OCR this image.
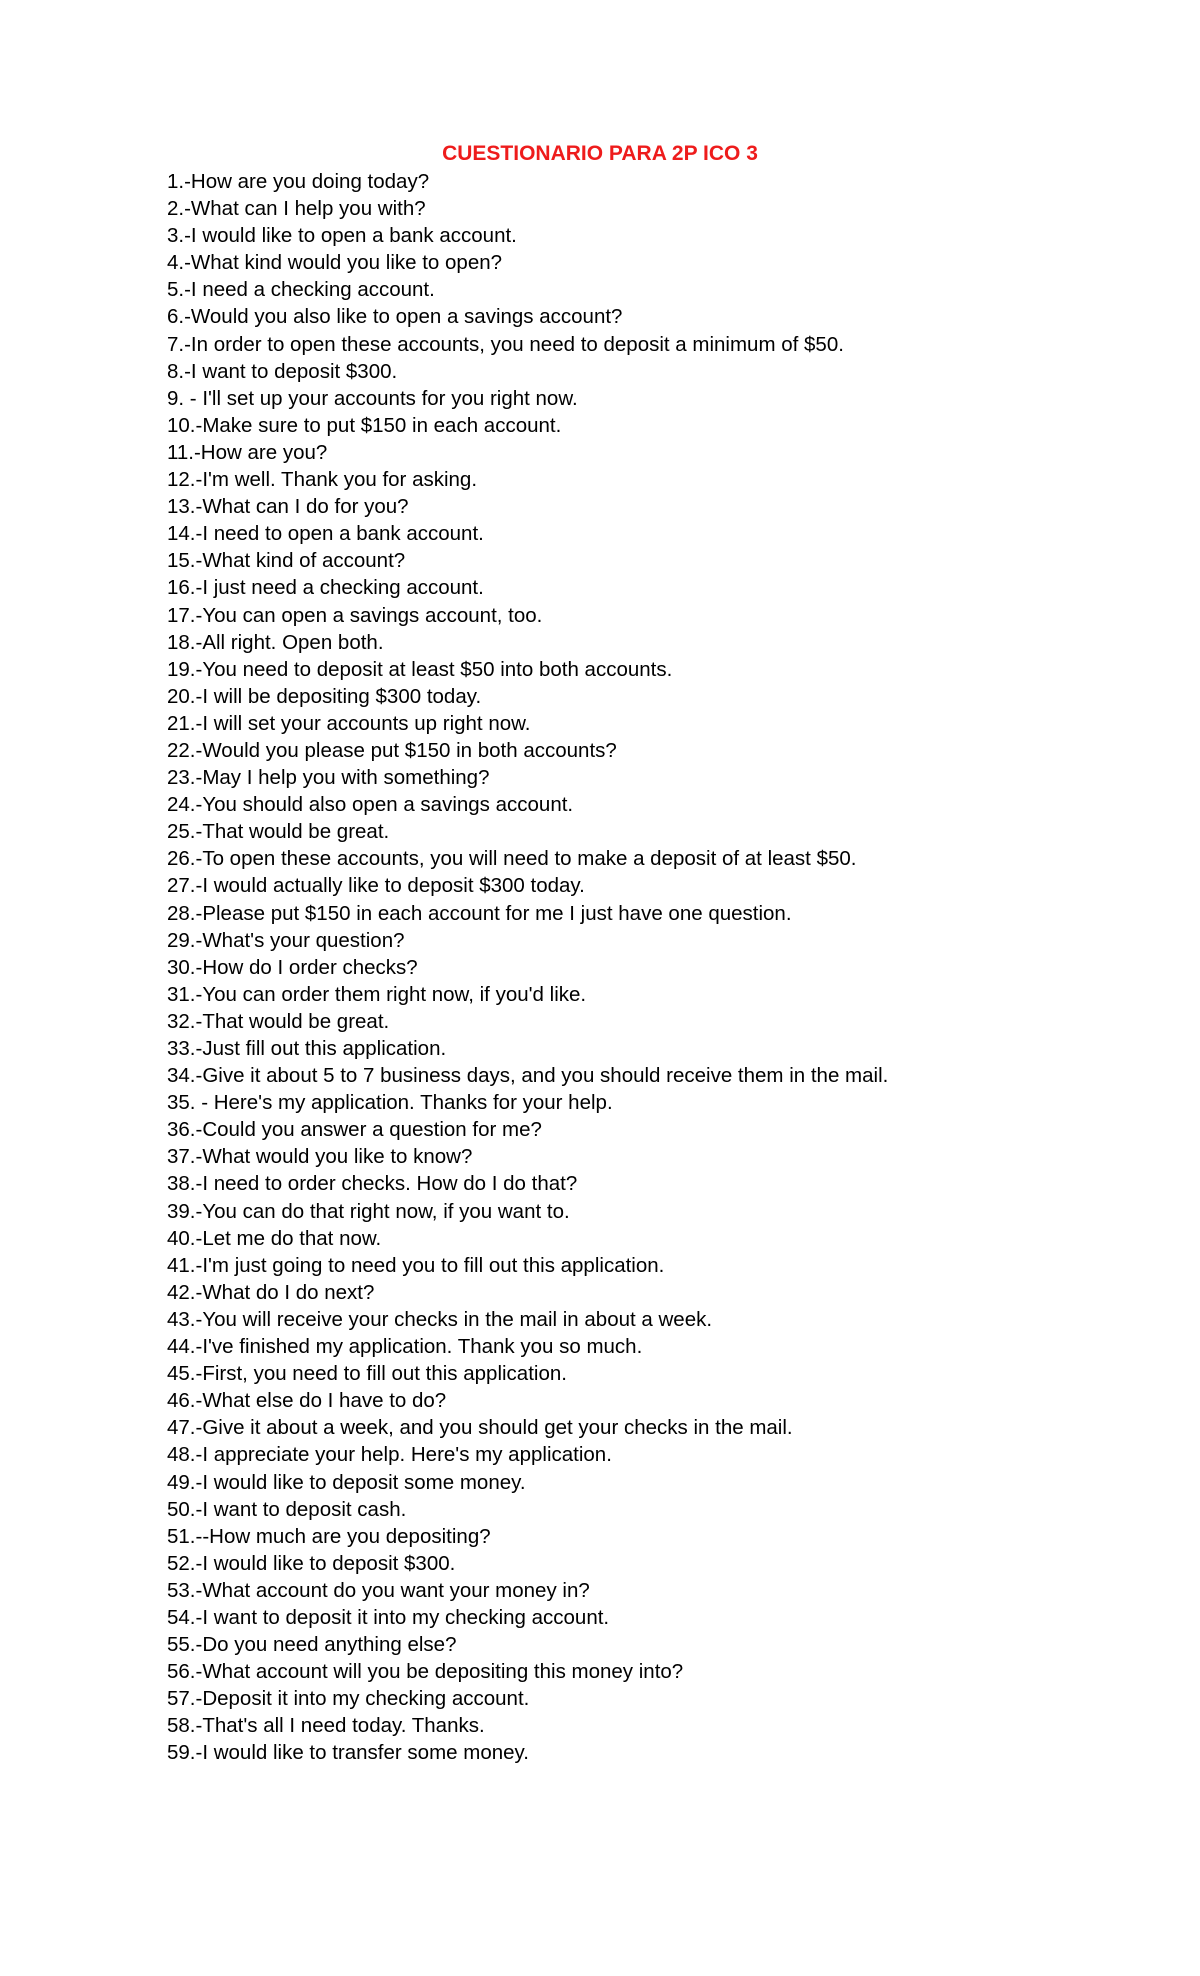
CUESTIONARIO PARA 2P ICO 3
1.-How are you doing today?
2.-What can I help you with?
3.-I would like to open a bank account.
4.-What kind would you like to open?
5.-I need a checking account.
6.-Would you also like to open a savings account?
7.-In order to open these accounts, you need to deposit a minimum of $50.
8.-I want to deposit $300.
9. - I'll set up your accounts for you right now.
10.-Make sure to put $150 in each account.
11.-How are you?
12.-I'm well. Thank you for asking.
13.-What can I do for you?
14.-I need to open a bank account.
15.-What kind of account?
16.-I just need a checking account.
17.-You can open a savings account, too.
18.-All right. Open both.
19.-You need to deposit at least $50 into both accounts.
20.-I will be depositing $300 today.
21.-I will set your accounts up right now.
22.-Would you please put $150 in both accounts?
23.-May I help you with something?
24.-You should also open a savings account.
25.-That would be great.
26.-To open these accounts, you will need to make a deposit of at least $50.
27.-I would actually like to deposit $300 today.
28.-Please put $150 in each account for me I just have one question.
29.-What's your question?
30.-How do I order checks?
31.-You can order them right now, if you'd like.
32.-That would be great.
33.-Just fill out this application.
34.-Give it about 5 to 7 business days, and you should receive them in the mail.
35. - Here's my application. Thanks for your help.
36.-Could you answer a question for me?
37.-What would you like to know?
38.-I need to order checks. How do I do that?
39.-You can do that right now, if you want to.
40.-Let me do that now.
41.-I'm just going to need you to fill out this application.
42.-What do I do next?
43.-You will receive your checks in the mail in about a week.
44.-I've finished my application. Thank you so much.
45.-First, you need to fill out this application.
46.-What else do I have to do?
47.-Give it about a week, and you should get your checks in the mail.
48.-I appreciate your help. Here's my application.
49.-I would like to deposit some money.
50.-I want to deposit cash.
51.--How much are you depositing?
52.-I would like to deposit $300.
53.-What account do you want your money in?
54.-I want to deposit it into my checking account.
55.-Do you need anything else?
56.-What account will you be depositing this money into?
57.-Deposit it into my checking account.
58.-That's all I need today. Thanks.
59.-I would like to transfer some money.
